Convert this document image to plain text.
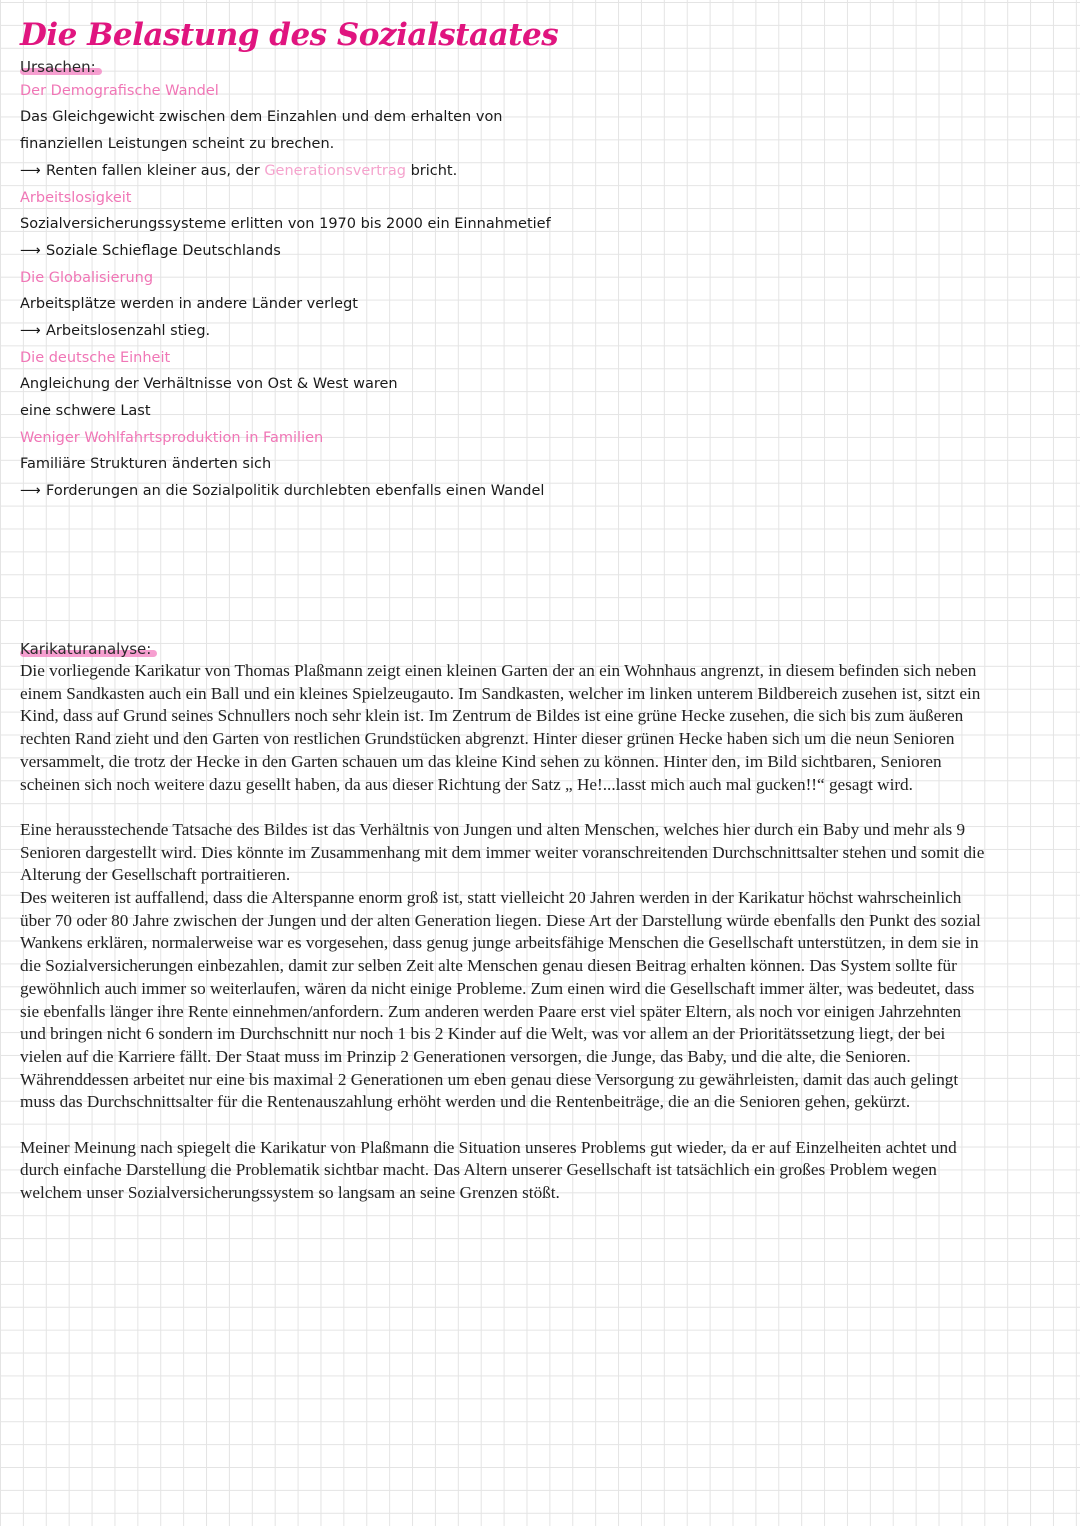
Die Belastung des Sozialstaates
Ursachen:

Der Demografische Wandel

Das Gleichgewicht zwischen dem Einzahlen und dem erhalten von

finanziellen Leistungen scheint zu brechen.

⟶ Renten fallen kleiner aus, der Generationsvertrag bricht.

Arbeitslosigkeit

Sozialversicherungssysteme erlitten von 1970 bis 2000 ein Einnahmetief

⟶ Soziale Schieflage Deutschlands

Die Globalisierung

Arbeitsplätze werden in andere Länder verlegt

⟶ Arbeitslosenzahl stieg.

Die deutsche Einheit

Angleichung der Verhältnisse von Ost & West waren

eine schwere Last

Weniger Wohlfahrtsproduktion in Familien

Familiäre Strukturen änderten sich

⟶ Forderungen an die Sozialpolitik durchlebten ebenfalls einen Wandel

Karikaturanalyse:

Die vorliegende Karikatur von Thomas Plaßmann zeigt einen kleinen Garten der an ein Wohnhaus angrenzt, in diesem befinden sich neben einem Sandkasten auch ein Ball und ein kleines Spielzeugauto. Im Sandkasten, welcher im linken unterem Bildbereich zusehen ist, sitzt ein Kind, dass auf Grund seines Schnullers noch sehr klein ist. Im Zentrum de Bildes ist eine grüne Hecke zusehen, die sich bis zum äußeren rechten Rand zieht und den Garten von restlichen Grundstücken abgrenzt. Hinter dieser grünen Hecke haben sich um die neun Senioren versammelt, die trotz der Hecke in den Garten schauen um das kleine Kind sehen zu können. Hinter den, im Bild sichtbaren, Senioren scheinen sich noch weitere dazu gesellt haben, da aus dieser Richtung der Satz „ He!...lasst mich auch mal gucken!!“ gesagt wird.

Eine herausstechende Tatsache des Bildes ist das Verhältnis von Jungen und alten Menschen, welches hier durch ein Baby und mehr als 9 Senioren dargestellt wird. Dies könnte im Zusammenhang mit dem immer weiter voranschreitenden Durchschnittsalter stehen und somit die Alterung der Gesellschaft portraitieren.
Des weiteren ist auffallend, dass die Alterspanne enorm groß ist, statt vielleicht 20 Jahren werden in der Karikatur höchst wahrscheinlich über 70 oder 80 Jahre zwischen der Jungen und der alten Generation liegen. Diese Art der Darstellung würde ebenfalls den Punkt des sozial Wankens erklären, normalerweise war es vorgesehen, dass genug junge arbeitsfähige Menschen die Gesellschaft unterstützen, in dem sie in die Sozialversicherungen einbezahlen, damit zur selben Zeit alte Menschen genau diesen Beitrag erhalten können. Das System sollte für gewöhnlich auch immer so weiterlaufen, wären da nicht einige Probleme. Zum einen wird die Gesellschaft immer älter, was bedeutet, dass sie ebenfalls länger ihre Rente einnehmen/anfordern. Zum anderen werden Paare erst viel später Eltern, als noch vor einigen Jahrzehnten und bringen nicht 6 sondern im Durchschnitt nur noch 1 bis 2 Kinder auf die Welt, was vor allem an der Prioritätssetzung liegt, der bei vielen auf die Karriere fällt. Der Staat muss im Prinzip 2 Generationen versorgen, die Junge, das Baby, und die alte, die Senioren. Währenddessen arbeitet nur eine bis maximal 2 Generationen um eben genau diese Versorgung zu gewährleisten, damit das auch gelingt muss das Durchschnittsalter für die Rentenauszahlung erhöht werden und die Rentenbeiträge, die an die Senioren gehen, gekürzt.

Meiner Meinung nach spiegelt die Karikatur von Plaßmann die Situation unseres Problems gut wieder, da er auf Einzelheiten achtet und durch einfache Darstellung die Problematik sichtbar macht. Das Altern unserer Gesellschaft ist tatsächlich ein großes Problem wegen welchem unser Sozialversicherungssystem so langsam an seine Grenzen stößt.
